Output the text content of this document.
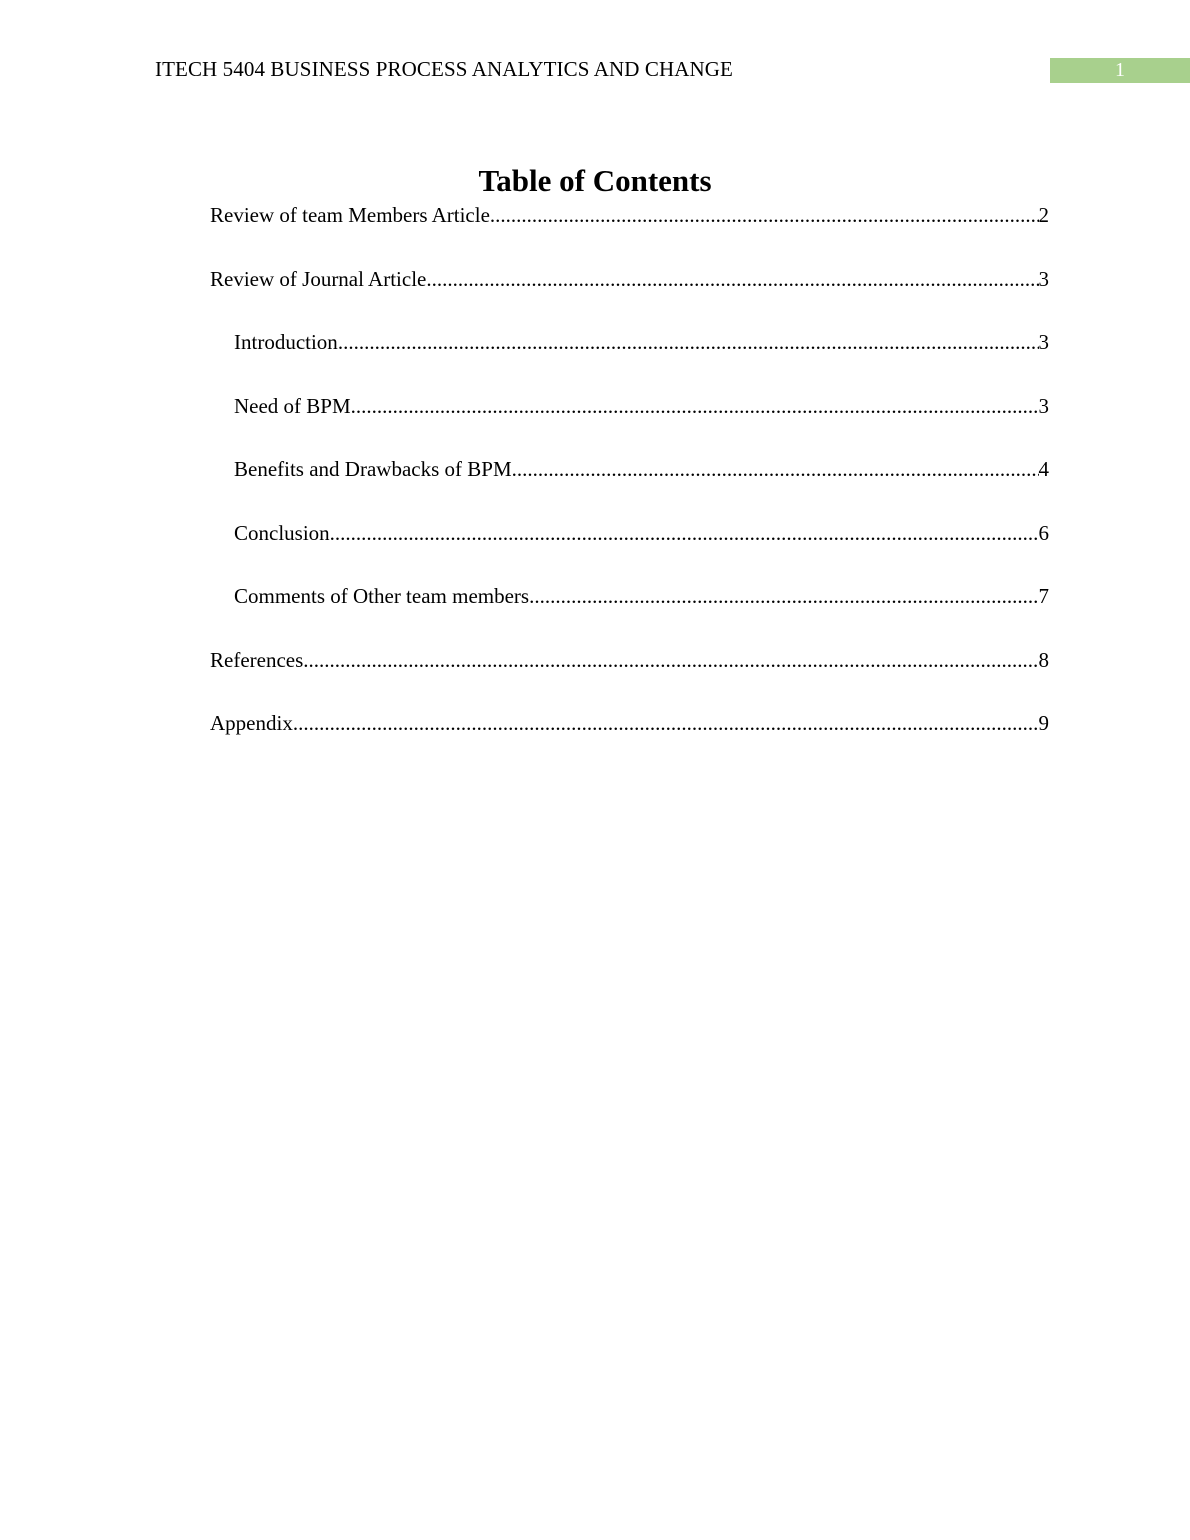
ITECH 5404 BUSINESS PROCESS ANALYTICS AND CHANGE	1
Table of Contents
Review of team Members Article .....	2
Review of Journal Article .....	3
Introduction .....	3
Need of BPM .....	3
Benefits and Drawbacks of BPM .....	4
Conclusion .....	6
Comments of Other team members .....	7
References .....	8
Appendix .....	9
